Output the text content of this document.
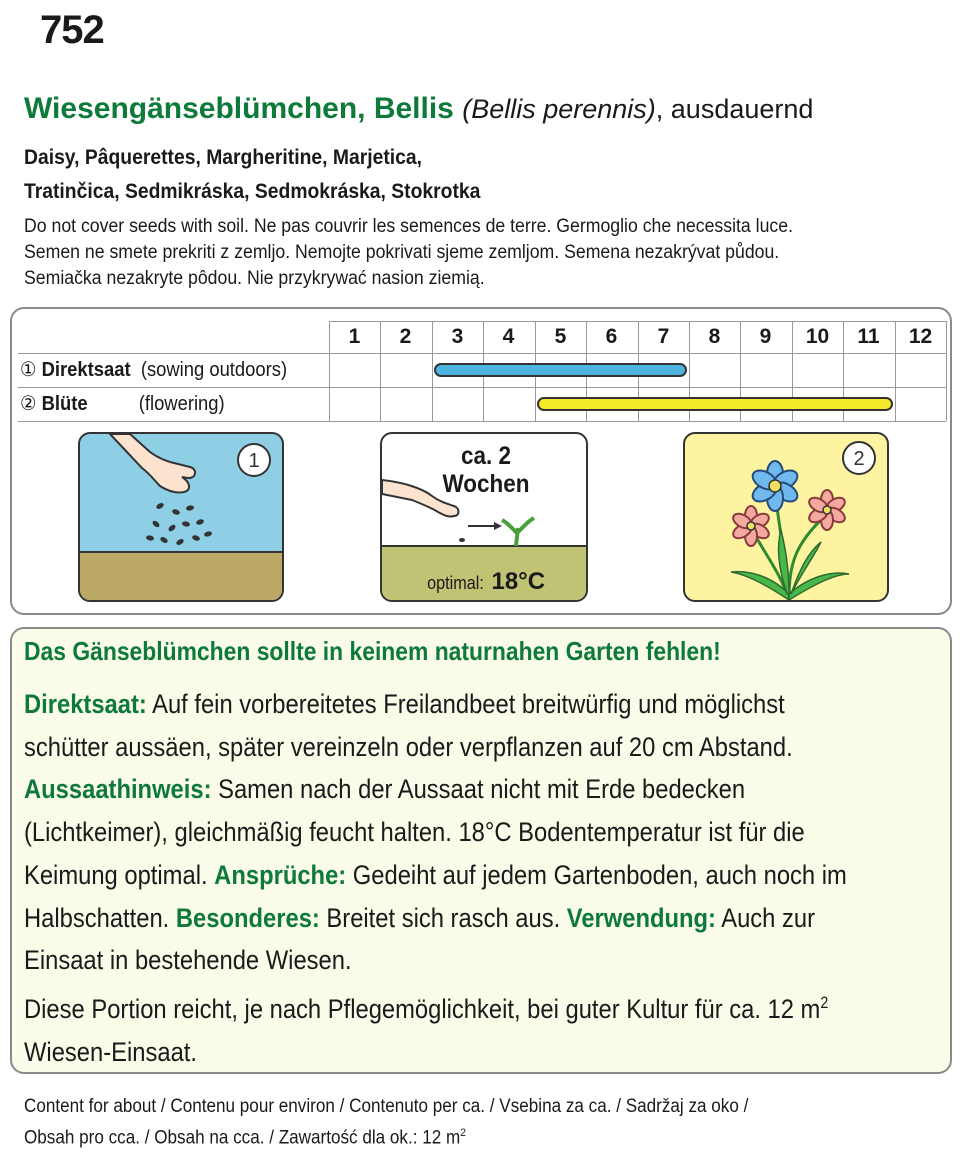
752
Wiesengänseblümchen, Bellis (Bellis perennis), ausdauernd
Daisy, Pâquerettes, Margheritine, Marjetica,
Tratinčica, Sedmikráska, Sedmokráska, Stokrotka
Do not cover seeds with soil. Ne pas couvrir les semences de terre. Germoglio che necessita luce.
Semen ne smete prekriti z zemljo. Nemojte pokrivati sjeme zemljom. Semena nezakrývat půdou.
Semiačka nezakryte pôdou. Nie przykrywać nasion ziemią.
1	2	3	4	5	6	7	8	9	10	11	12
① Direktsaat  (sowing outdoors)
② Blüte          (flowering)
1	ca. 2
Wochen
optimal: 18°C
2
Das Gänseblümchen sollte in keinem naturnahen Garten fehlen!

Direktsaat: Auf fein vorbereitetes Freilandbeet breitwürfig und möglichst

schütter aussäen, später vereinzeln oder verpflanzen auf 20 cm Abstand.

Aussaathinweis: Samen nach der Aussaat nicht mit Erde bedecken

(Lichtkeimer), gleichmäßig feucht halten. 18°C Bodentemperatur ist für die

Keimung optimal. Ansprüche: Gedeiht auf jedem Gartenboden, auch noch im

Halbschatten. Besonderes: Breitet sich rasch aus. Verwendung: Auch zur

Einsaat in bestehende Wiesen.

Diese Portion reicht, je nach Pflegemöglichkeit, bei guter Kultur für ca. 12 $m^2$

Wiesen-Einsaat.

Content for about / Contenu pour environ / Contenuto per ca. / Vsebina za ca. / Sadržaj za oko /
Obsah pro cca. / Obsah na cca. / Zawartość dla ok.: 12 $m^2$
